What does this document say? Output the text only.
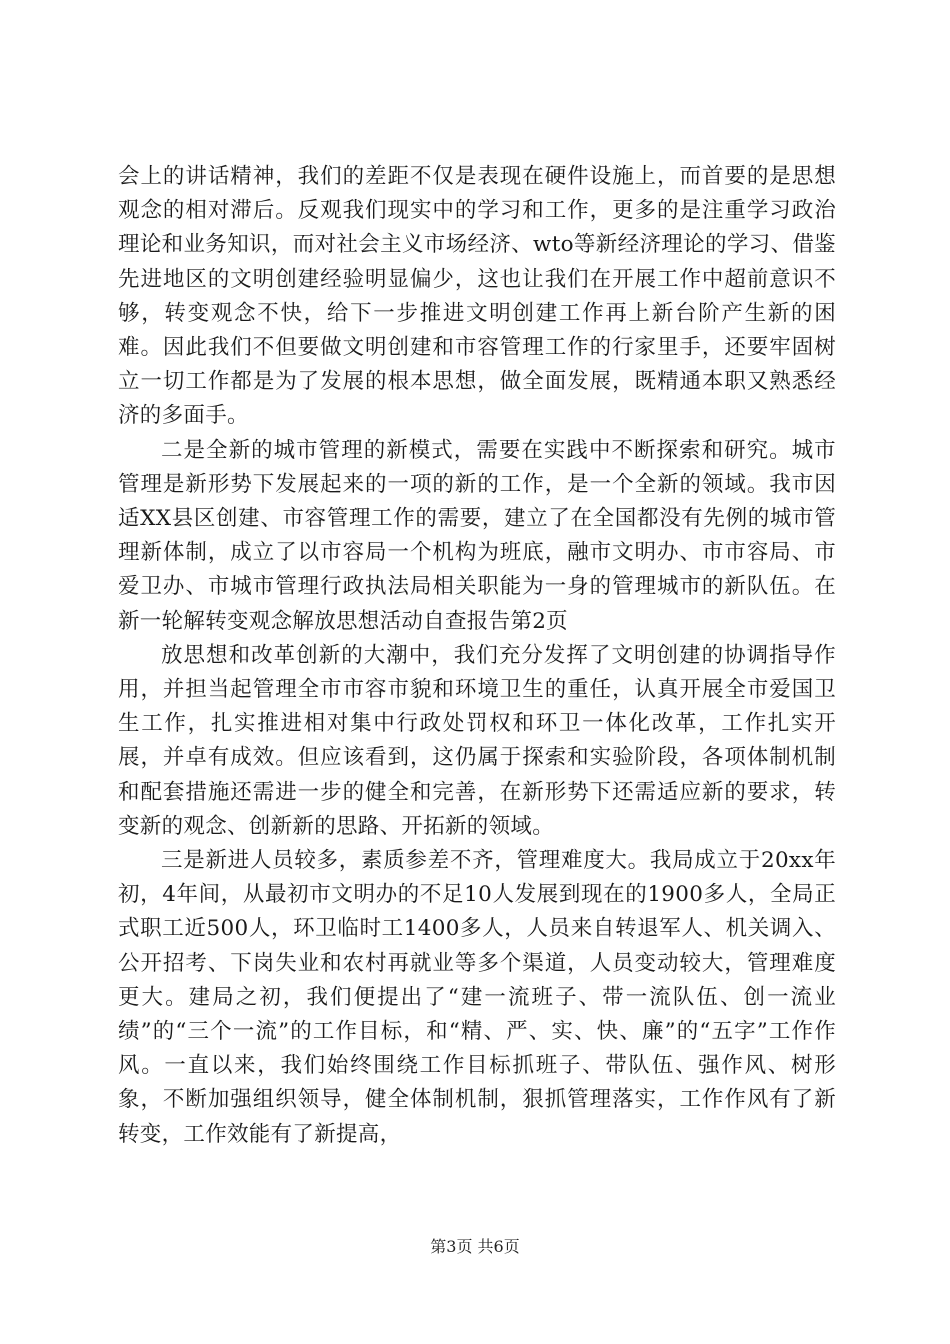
会上的讲话精神，我们的差距不仅是表现在硬件设施上，而首要的是思想观念的相对滞后。反观我们现实中的学习和工作，更多的是注重学习政治理论和业务知识，而对社会主义市场经济、wto等新经济理论的学习、借鉴先进地区的文明创建经验明显偏少，这也让我们在开展工作中超前意识不够，转变观念不快，给下一步推进文明创建工作再上新台阶产生新的困难。因此我们不但要做文明创建和市容管理工作的行家里手，还要牢固树立一切工作都是为了发展的根本思想，做全面发展，既精通本职又熟悉经济的多面手。

二是全新的城市管理的新模式，需要在实践中不断探索和研究。城市管理是新形势下发展起来的一项的新的工作，是一个全新的领域。我市因适XX县区创建、市容管理工作的需要，建立了在全国都没有先例的城市管理新体制，成立了以市容局一个机构为班底，融市文明办、市市容局、市爱卫办、市城市管理行政执法局相关职能为一身的管理城市的新队伍。在新一轮解转变观念解放思想活动自查报告第2页

放思想和改革创新的大潮中，我们充分发挥了文明创建的协调指导作用，并担当起管理全市市容市貌和环境卫生的重任，认真开展全市爱国卫生工作，扎实推进相对集中行政处罚权和环卫一体化改革，工作扎实开展，并卓有成效。但应该看到，这仍属于探索和实验阶段，各项体制机制和配套措施还需进一步的健全和完善，在新形势下还需适应新的要求，转变新的观念、创新新的思路、开拓新的领域。

三是新进人员较多，素质参差不齐，管理难度大。我局成立于20xx年初，4年间，从最初市文明办的不足10人发展到现在的1900多人，全局正式职工近500人，环卫临时工1400多人，人员来自转退军人、机关调入、公开招考、下岗失业和农村再就业等多个渠道，人员变动较大，管理难度更大。建局之初，我们便提出了“建一流班子、带一流队伍、创一流业绩”的“三个一流”的工作目标，和“精、严、实、快、廉”的“五字”工作作风。一直以来，我们始终围绕工作目标抓班子、带队伍、强作风、树形象，不断加强组织领导，健全体制机制，狠抓管理落实，工作作风有了新转变，工作效能有了新提高，

第3页 共6页
